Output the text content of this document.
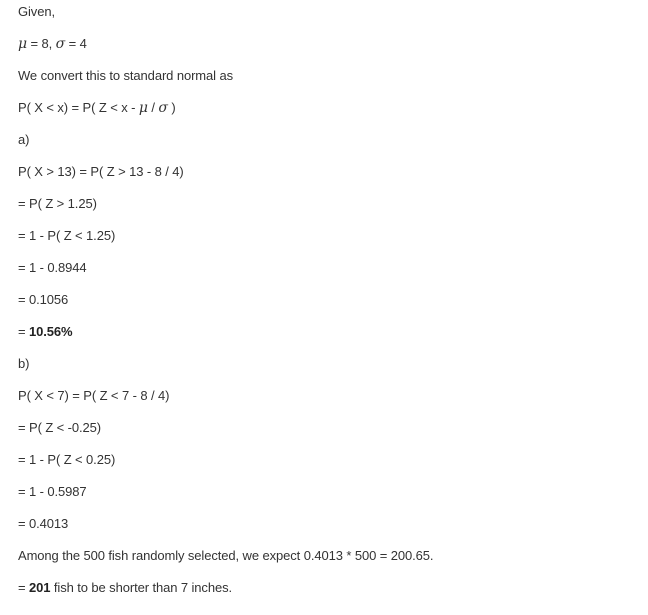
Given,
μ = 8, σ = 4
We convert this to standard normal as
P( X < x) = P( Z < x - μ / σ )
a)
P( X > 13) = P( Z > 13 - 8 / 4)
= P( Z > 1.25)
= 1 - P( Z < 1.25)
= 1 - 0.8944
= 0.1056
= 10.56%
b)
P( X < 7) = P( Z < 7 - 8 / 4)
= P( Z < -0.25)
= 1 - P( Z < 0.25)
= 1 - 0.5987
= 0.4013
Among the 500 fish randomly selected, we expect 0.4013 * 500 = 200.65.
= 201 fish to be shorter than 7 inches.
